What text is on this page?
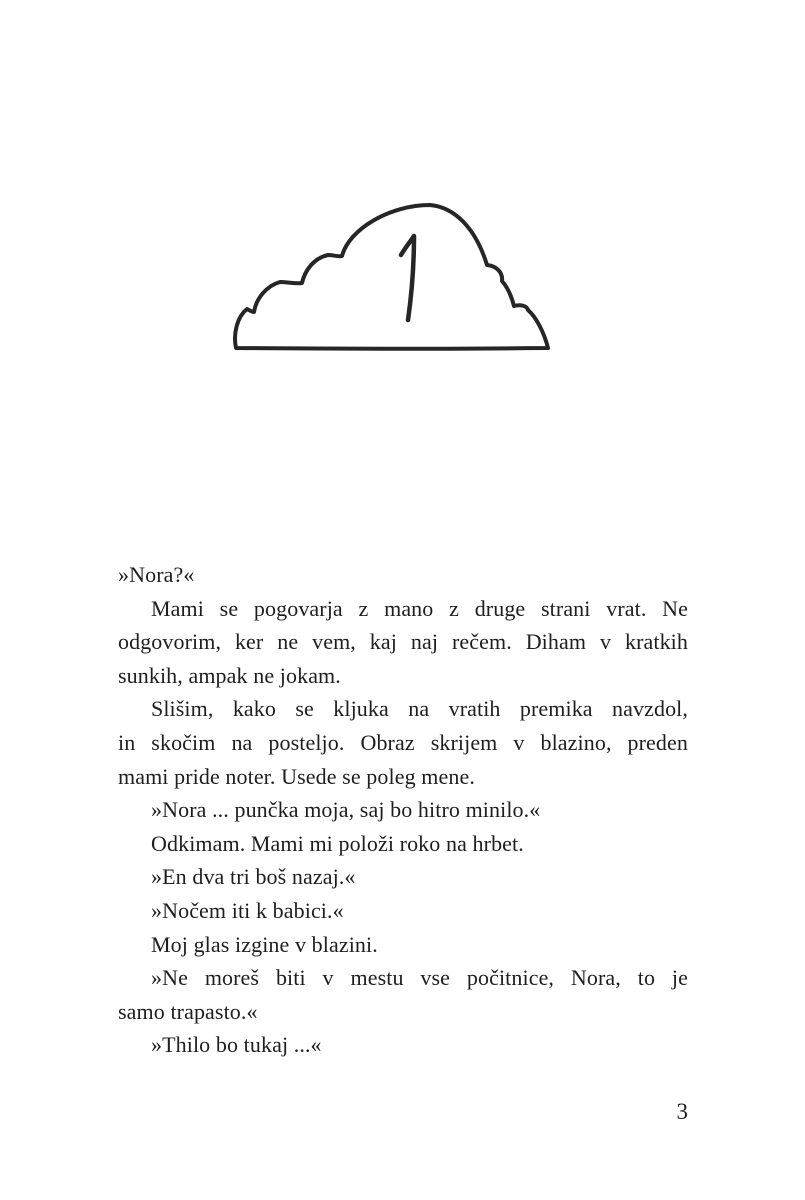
»Nora?«
Mami se pogovarja z mano z druge strani vrat. Ne
odgovorim, ker ne vem, kaj naj rečem. Diham v kratkih
sunkih, ampak ne jokam.
Slišim, kako se kljuka na vratih premika navzdol,
in skočim na posteljo. Obraz skrijem v blazino, preden
mami pride noter. Usede se poleg mene.
»Nora ... punčka moja, saj bo hitro minilo.«
Odkimam. Mami mi položi roko na hrbet.
»En dva tri boš nazaj.«
»Nočem iti k babici.«
Moj glas izgine v blazini.
»Ne moreš biti v mestu vse počitnice, Nora, to je
samo trapasto.«
»Thilo bo tukaj ...«
3
